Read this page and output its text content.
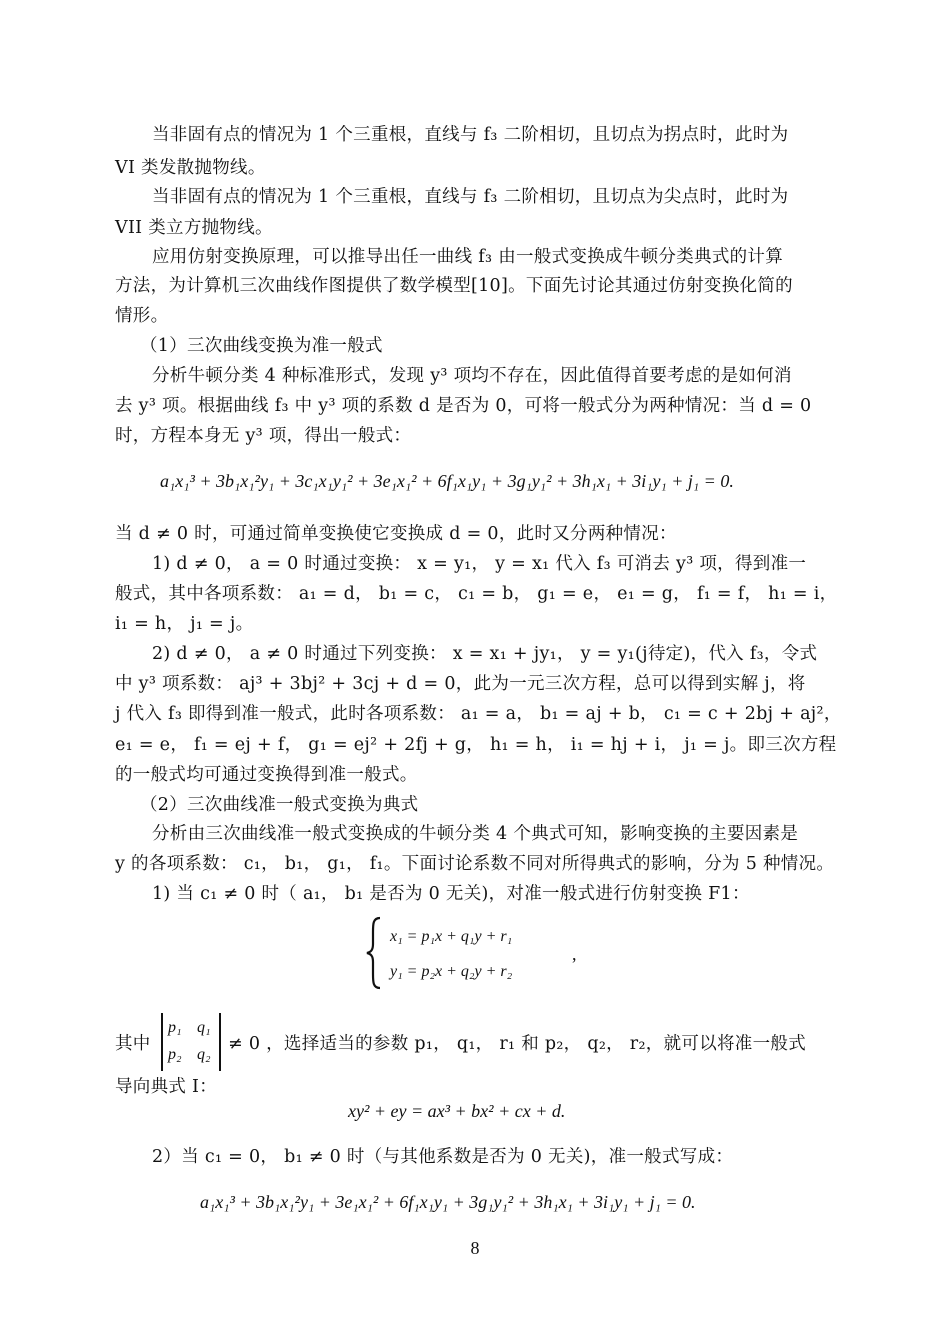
当非固有点的情况为 1 个三重根，直线与 f₃ 二阶相切，且切点为拐点时，此时为
VI 类发散抛物线。
当非固有点的情况为 1 个三重根，直线与 f₃ 二阶相切，且切点为尖点时，此时为
VII 类立方抛物线。
应用仿射变换原理，可以推导出任一曲线 f₃ 由一般式变换成牛顿分类典式的计算
方法，为计算机三次曲线作图提供了数学模型[10]。下面先讨论其通过仿射变换化简的
情形。
（1）三次曲线变换为准一般式
分析牛顿分类 4 种标准形式，发现 y³ 项均不存在，因此值得首要考虑的是如何消
去 y³ 项。根据曲线 f₃ 中 y³ 项的系数 d 是否为 0，可将一般式分为两种情况：当 d = 0
时，方程本身无 y³ 项，得出一般式：
a₁x₁³ + 3b₁x₁²y₁ + 3c₁x₁y₁² + 3e₁x₁² + 6f₁x₁y₁ + 3g₁y₁² + 3h₁x₁ + 3i₁y₁ + j₁ = 0.
当 d ≠ 0 时，可通过简单变换使它变换成 d = 0，此时又分两种情况：
1) d ≠ 0， a = 0 时通过变换： x = y₁， y = x₁ 代入 f₃ 可消去 y³ 项，得到准一
般式，其中各项系数： a₁ = d， b₁ = c， c₁ = b， g₁ = e， e₁ = g， f₁ = f， h₁ = i，
i₁ = h， j₁ = j。
2) d ≠ 0， a ≠ 0 时通过下列变换： x = x₁ + jy₁， y = y₁(j待定)，代入 f₃，令式
中 y³ 项系数： aj³ + 3bj² + 3cj + d = 0，此为一元三次方程，总可以得到实解 j，将
j 代入 f₃ 即得到准一般式，此时各项系数： a₁ = a， b₁ = aj + b， c₁ = c + 2bj + aj²，
e₁ = e， f₁ = ej + f， g₁ = ej² + 2fj + g， h₁ = h， i₁ = hj + i， j₁ = j。即三次方程
的一般式均可通过变换得到准一般式。
（2）三次曲线准一般式变换为典式
分析由三次曲线准一般式变换成的牛顿分类 4 个典式可知，影响变换的主要因素是
y 的各项系数： c₁， b₁， g₁， f₁。下面讨论系数不同对所得典式的影响，分为 5 种情况。
1) 当 c₁ ≠ 0 时（ a₁， b₁ 是否为 0 无关)，对准一般式进行仿射变换 F1：
x₁ = p₁x + q₁y + r₁
y₁ = p₂x + q₂y + r₂
,
其中
p₁ q₁
p₂ q₂
≠ 0 ，选择适当的参数 p₁， q₁， r₁ 和 p₂， q₂， r₂，就可以将准一般式
导向典式 I：
xy² + ey = ax³ + bx² + cx + d.
2）当 c₁ = 0， b₁ ≠ 0 时（与其他系数是否为 0 无关)，准一般式写成：
a₁x₁³ + 3b₁x₁²y₁ + 3e₁x₁² + 6f₁x₁y₁ + 3g₁y₁² + 3h₁x₁ + 3i₁y₁ + j₁ = 0.
8
